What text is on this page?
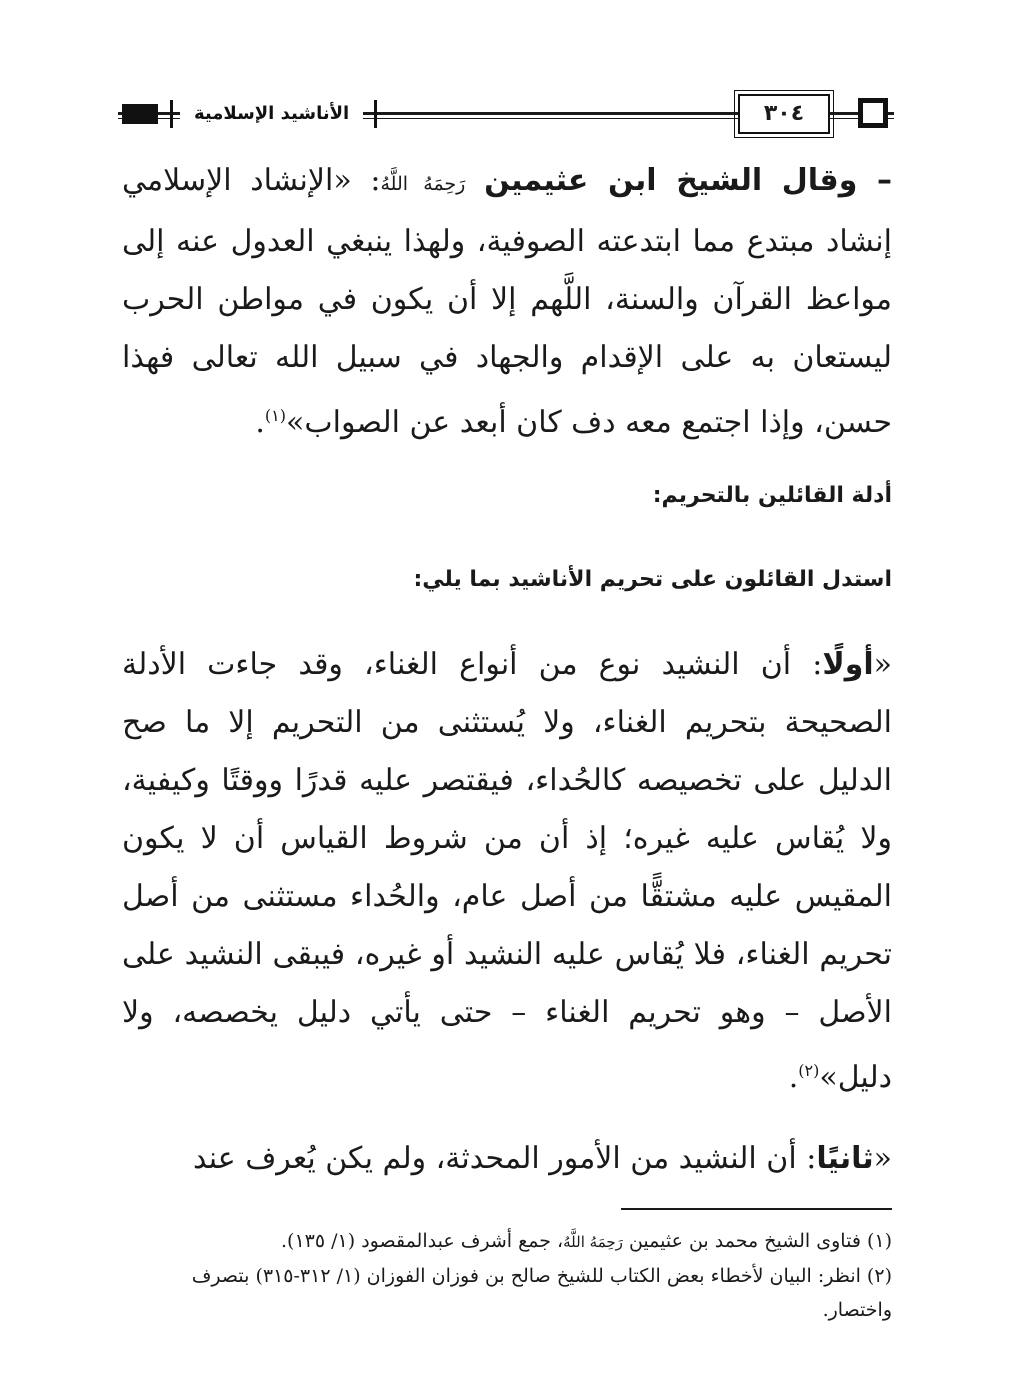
الأناشيد الإسلامية	٣٠٤
– وقال الشيخ ابن عثيمين رَحِمَهُ اللَّهُ: «الإنشاد الإسلامي إنشاد مبتدع مما ابتدعته الصوفية، ولهذا ينبغي العدول عنه إلى مواعظ القرآن والسنة، اللَّهم إلا أن يكون في مواطن الحرب ليستعان به على الإقدام والجهاد في سبيل الله تعالى فهذا حسن، وإذا اجتمع معه دف كان أبعد عن الصواب»$^{(١)}$.
أدلة القائلين بالتحريم:
استدل القائلون على تحريم الأناشيد بما يلي:
«أولًا: أن النشيد نوع من أنواع الغناء، وقد جاءت الأدلة الصحيحة بتحريم الغناء، ولا يُستثنى من التحريم إلا ما صح الدليل على تخصيصه كالحُداء، فيقتصر عليه قدرًا ووقتًا وكيفية، ولا يُقاس عليه غيره؛ إذ أن من شروط القياس أن لا يكون المقيس عليه مشتقًّا من أصل عام، والحُداء مستثنى من أصل تحريم الغناء، فلا يُقاس عليه النشيد أو غيره، فيبقى النشيد على الأصل – وهو تحريم الغناء – حتى يأتي دليل يخصصه، ولا دليل»$^{(٢)}$.
«ثانيًا: أن النشيد من الأمور المحدثة، ولم يكن يُعرف عند

(١) فتاوى الشيخ محمد بن عثيمين رَحِمَهُ اللَّهُ، جمع أشرف عبدالمقصود (١/ ١٣٥).

(٢) انظر: البيان لأخطاء بعض الكتاب للشيخ صالح بن فوزان الفوزان (١/ ٣١٢-٣١٥) بتصرف واختصار.
